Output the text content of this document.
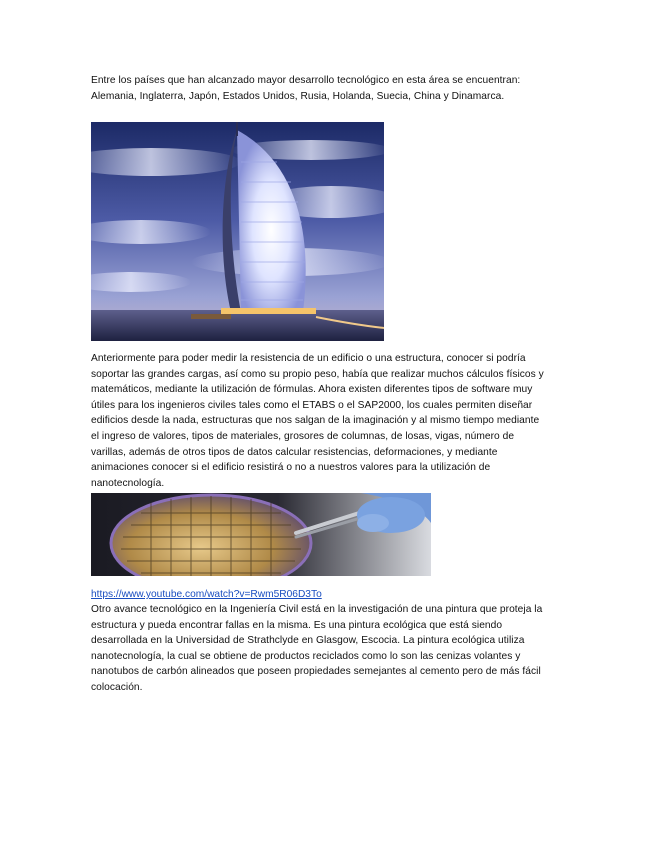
Entre los países que han alcanzado mayor desarrollo tecnológico en esta área se encuentran:
Alemania, Inglaterra, Japón, Estados Unidos, Rusia, Holanda, Suecia, China y Dinamarca.

Anteriormente para poder medir la resistencia de un edificio o una estructura, conocer si podría
soportar las grandes cargas, así como su propio peso, había que realizar muchos cálculos físicos y
matemáticos, mediante la utilización de fórmulas. Ahora existen diferentes tipos de software muy
útiles para los ingenieros civiles tales como el ETABS o el SAP2000, los cuales permiten diseñar
edificios desde la nada, estructuras que nos salgan de la imaginación y al mismo tiempo mediante
el ingreso de valores, tipos de materiales, grosores de columnas, de losas, vigas, número de
varillas, además de otros tipos de datos calcular resistencias, deformaciones, y mediante
animaciones conocer si el edificio resistirá o no a nuestros valores para la utilización de
nanotecnología.

https://www.youtube.com/watch?v=Rwm5R06D3To

Otro avance tecnológico en la Ingeniería Civil está en la investigación de una pintura que proteja la
estructura y pueda encontrar fallas en la misma. Es una pintura ecológica que está siendo
desarrollada en la Universidad de Strathclyde en Glasgow, Escocia. La pintura ecológica utiliza
nanotecnología, la cual se obtiene de productos reciclados como lo son las cenizas volantes y
nanotubos de carbón alineados que poseen propiedades semejantes al cemento pero de más fácil
colocación.
